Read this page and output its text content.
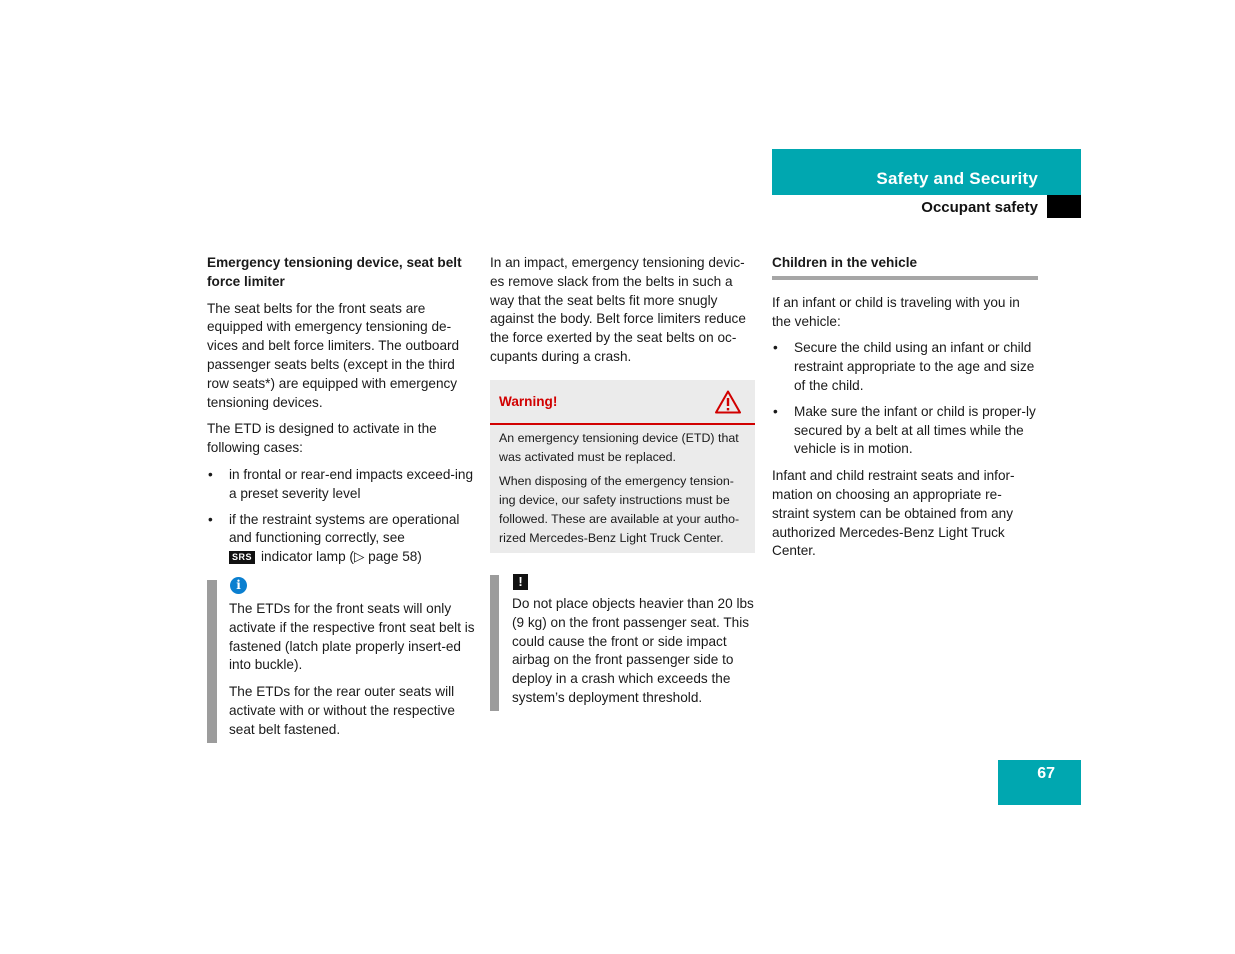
Safety and Security
Occupant safety

Emergency tensioning device, seat belt force limiter

The seat belts for the front seats are equipped with emergency tensioning de-vices and belt force limiters. The outboard passenger seats belts (except in the third row seats*) are equipped with emergency tensioning devices.

The ETD is designed to activate in the following cases:

• in frontal or rear-end impacts exceed-ing a preset severity level
• if the restraint systems are operational and functioning correctly, see
SRS indicator lamp (▷ page 58)
i

The ETDs for the front seats will only activate if the respective front seat belt is fastened (latch plate properly insert-ed into buckle).

The ETDs for the rear outer seats will activate with or without the respective seat belt fastened.

In an impact, emergency tensioning devic-es remove slack from the belts in such a way that the seat belts fit more snugly against the body. Belt force limiters reduce the force exerted by the seat belts on oc-cupants during a crash.

Warning!

An emergency tensioning device (ETD) that was activated must be replaced.

When disposing of the emergency tension-ing device, our safety instructions must be followed. These are available at your autho-rized Mercedes-Benz Light Truck Center.

!
Do not place objects heavier than 20 lbs (9 kg) on the front passenger seat. This could cause the front or side impact airbag on the front passenger side to deploy in a crash which exceeds the system’s deployment threshold.

Children in the vehicle

If an infant or child is traveling with you in the vehicle:

• Secure the child using an infant or child restraint appropriate to the age and size of the child.
• Make sure the infant or child is proper-ly secured by a belt at all times while the vehicle is in motion.

Infant and child restraint seats and infor-mation on choosing an appropriate re-straint system can be obtained from any authorized Mercedes-Benz Light Truck Center.

67
